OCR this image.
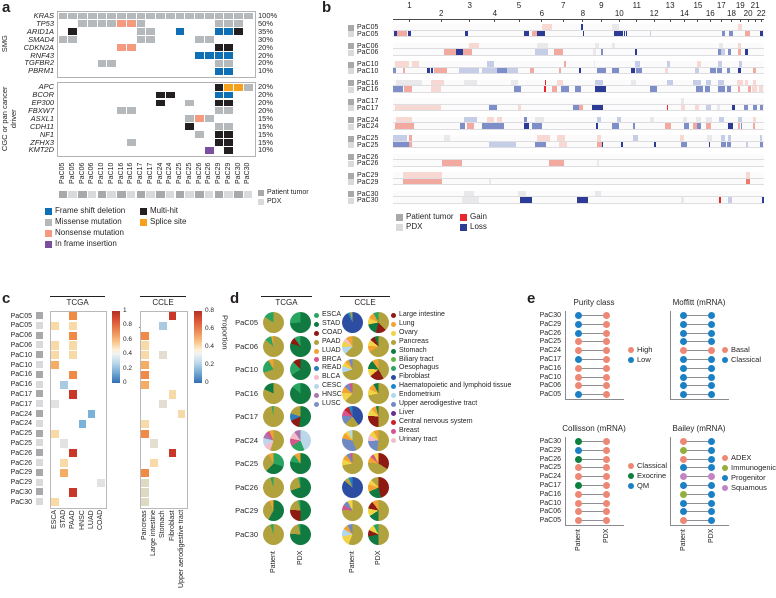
a
SMG
KRAS	100%
TP53	50%
ARID1A	35%
SMAD4	30%
CDKN2A	20%
RNF43	20%
TGFBR2	20%
PBRM1	10%
CGC or pan cancer driver
APC	20%
BCOR	20%
EP300	20%
FBXW7	20%
ASXL1	15%
CDH11	15%
NF1	15%
ZFHX3	15%
KMT2D	10%
PaC05 PaC05 PaC06 PaC06 PaC10 PaC10 PaC16 PaC16 PaC17 PaC17 PaC24 PaC24 PaC25 PaC25 PaC26 PaC26 PaC29 PaC29 PaC30 PaC30
Patient tumor
PDX
Frame shift deletion
Missense mutation
Nonsense mutation
In frame insertion
Multi-hit
Splice site
b	1
2
3
4
5
6
7
8
9
10
11
12
13
14
15
16
17
18
19
20
21
22
PaC05
PaC05
PaC06
PaC06
PaC10
PaC10
PaC16
PaC16
PaC17
PaC17
PaC24
PaC24
PaC25
PaC25
PaC26
PaC26
PaC29
PaC29
PaC30
PaC30
Patient tumor
PDX
Gain
Loss
c
PaC05
PaC05
PaC06
PaC06
PaC10
PaC10
PaC16
PaC16
PaC17
PaC17
PaC24
PaC24
PaC25
PaC25
PaC26
PaC26
PaC29
PaC29
PaC30
PaC30
TCGA
ESCA STAD PAAD HNSC LUAD COAD
1
0.8
0.6
0.4
0.2
0
CCLE
Pancreas Large intestine Stomach Fibroblast Upper aerodigestive tract
0.8
0.6
0.4
0.2
0
Proportion
d	TCGA	CCLE
PaC05
PaC06
PaC10
PaC16
PaC17
PaC24
PaC25
PaC26
PaC29
PaC30
Patient	PDX	Patient	PDX
ESCA
STAD
COAD
PAAD
LUAD
BRCA
READ
BLCA
CESC
HNSC
LUSC
Large intestine
Lung
Ovary
Pancreas
Stomach
Biliary tract
Oesophagus
Fibroblast
Haematopoietic and lymphoid tissue
Endometrium
Upper aerodigestive tract
Liver
Central nervous system
Breast
Urinary tract
e	Purity class
PaC30
PaC29
PaC26
PaC25
PaC24
PaC17
PaC16
PaC10
PaC06
PaC05
High
Low
Moffitt (mRNA)
Basal
Classical
Collisson (mRNA)
PaC30
PaC29
PaC26
PaC25
PaC24
PaC17
PaC16
PaC10
PaC06
PaC05
Classical
Exocrine
QM
Patient	PDX
Bailey (mRNA)
ADEX
Immunogenic
Progenitor
Squamous
Patient	PDX
